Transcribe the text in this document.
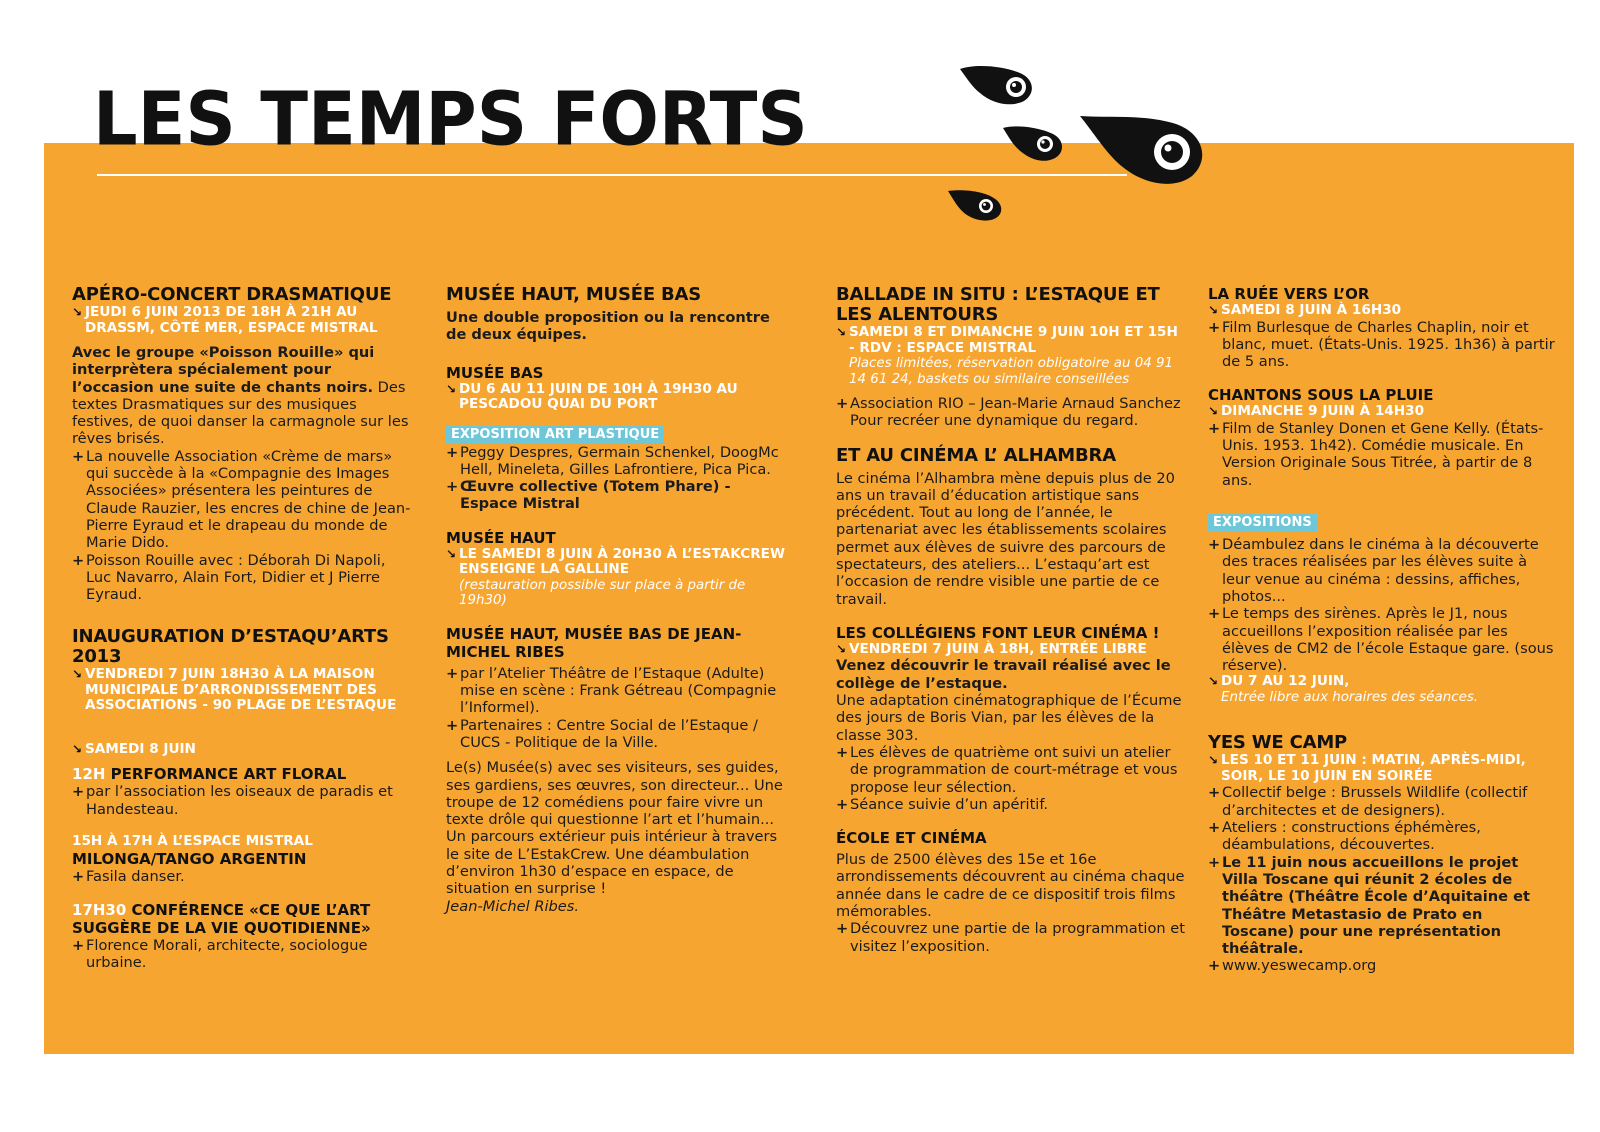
LES TEMPS FORTS
APÉRO-CONCERT DRASMATIQUE
↘ JEUDI 6 JUIN 2013 DE 18H À 21H AU DRASSM, CÔTÉ MER, ESPACE MISTRAL

Avec le groupe «Poisson Rouille» qui interprètera spécialement pour l’occasion une suite de chants noirs. Des textes Drasmatiques sur des musiques festives, de quoi danser la carmagnole sur les rêves brisés.

+ La nouvelle Association «Crème de mars» qui succède à la «Compagnie des Images Associées» présentera les peintures de Claude Rauzier, les encres de chine de Jean-Pierre Eyraud et le drapeau du monde de Marie Dido.
+ Poisson Rouille avec : Déborah Di Napoli, Luc Navarro, Alain Fort, Didier et J Pierre Eyraud.
INAUGURATION D’ESTAQU’ARTS 2013
↘ VENDREDI 7 JUIN 18H30 À LA MAISON MUNICIPALE D’ARRONDISSEMENT DES ASSOCIATIONS - 90 PLAGE DE L’ESTAQUE
↘ SAMEDI 8 JUIN
12H PERFORMANCE ART FLORAL
+ par l’association les oiseaux de paradis et Handesteau.
15H À 17H À L’ESPACE MISTRAL
MILONGA/TANGO ARGENTIN
+ Fasila danser.
17H30 CONFÉRENCE «CE QUE L’ART SUGGÈRE DE LA VIE QUOTIDIENNE»
+ Florence Morali, architecte, sociologue urbaine.
MUSÉE HAUT, MUSÉE BAS

Une double proposition ou la rencontre de deux équipes.

MUSÉE BAS
↘ DU 6 AU 11 JUIN DE 10H À 19H30 AU PESCADOU QUAI DU PORT
EXPOSITION ART PLASTIQUE
+ Peggy Despres, Germain Schenkel, DoogMc Hell, Mineleta, Gilles Lafrontiere, Pica Pica.
+ Œuvre collective (Totem Phare) - Espace Mistral
MUSÉE HAUT
↘ LE SAMEDI 8 JUIN À 20H30 À L’ESTAKCREW ENSEIGNE LA GALLINE
(restauration possible sur place à partir de 19h30)
MUSÉE HAUT, MUSÉE BAS DE JEAN-MICHEL RIBES
+ par l’Atelier Théâtre de l’Estaque (Adulte) mise en scène : Frank Gétreau (Compagnie l’Informel).
+ Partenaires : Centre Social de l’Estaque / CUCS - Politique de la Ville.

Le(s) Musée(s) avec ses visiteurs, ses guides, ses gardiens, ses œuvres, son directeur... Une troupe de 12 comédiens pour faire vivre un texte drôle qui questionne l’art et l’humain... Un parcours extérieur puis intérieur à travers le site de L’EstakCrew. Une déambulation d’environ 1h30 d’espace en espace, de situation en surprise !

Jean-Michel Ribes.

BALLADE IN SITU : L’ESTAQUE ET LES ALENTOURS
↘ SAMEDI 8 ET DIMANCHE 9 JUIN 10H ET 15H - RDV : ESPACE MISTRAL
Places limitées, réservation obligatoire au 04 91 14 61 24, baskets ou similaire conseillées
+ Association RIO – Jean-Marie Arnaud Sanchez Pour recréer une dynamique du regard.
ET AU CINÉMA L’ ALHAMBRA

Le cinéma l’Alhambra mène depuis plus de 20 ans un travail d’éducation artistique sans précédent. Tout au long de l’année, le partenariat avec les établissements scolaires permet aux élèves de suivre des parcours de spectateurs, des ateliers... L’estaqu’art est l’occasion de rendre visible une partie de ce travail.

LES COLLÉGIENS FONT LEUR CINÉMA !
↘ VENDREDI 7 JUIN À 18H, ENTRÉE LIBRE

Venez découvrir le travail réalisé avec le collège de l’estaque.

Une adaptation cinématographique de l’Écume des jours de Boris Vian, par les élèves de la classe 303.

+ Les élèves de quatrième ont suivi un atelier de programmation de court-métrage et vous propose leur sélection.
+ Séance suivie d’un apéritif.
ÉCOLE ET CINÉMA

Plus de 2500 élèves des 15e et 16e arrondissements découvrent au cinéma chaque année dans le cadre de ce dispositif trois films mémorables.

+ Découvrez une partie de la programmation et visitez l’exposition.
LA RUÉE VERS L’OR
↘ SAMEDI 8 JUIN À 16H30
+ Film Burlesque de Charles Chaplin, noir et blanc, muet. (États-Unis. 1925. 1h36) à partir de 5 ans.
CHANTONS SOUS LA PLUIE
↘ DIMANCHE 9 JUIN À 14H30
+ Film de Stanley Donen et Gene Kelly. (États-Unis. 1953. 1h42). Comédie musicale. En Version Originale Sous Titrée, à partir de 8 ans.
EXPOSITIONS
+ Déambulez dans le cinéma à la découverte des traces réalisées par les élèves suite à leur venue au cinéma : dessins, affiches, photos...
+ Le temps des sirènes. Après le J1, nous accueillons l’exposition réalisée par les élèves de CM2 de l’école Estaque gare. (sous réserve).
↘ DU 7 AU 12 JUIN,
Entrée libre aux horaires des séances.
YES WE CAMP
↘ LES 10 ET 11 JUIN : MATIN, APRÈS-MIDI, SOIR, LE 10 JUIN EN SOIRÉE
+ Collectif belge : Brussels Wildlife (collectif d’architectes et de designers).
+ Ateliers : constructions éphémères, déambulations, découvertes.
+ Le 11 juin nous accueillons le projet Villa Toscane qui réunit 2 écoles de théâtre (Théâtre École d’Aquitaine et Théâtre Metastasio de Prato en Toscane) pour une représentation théâtrale.
+ www.yeswecamp.org
